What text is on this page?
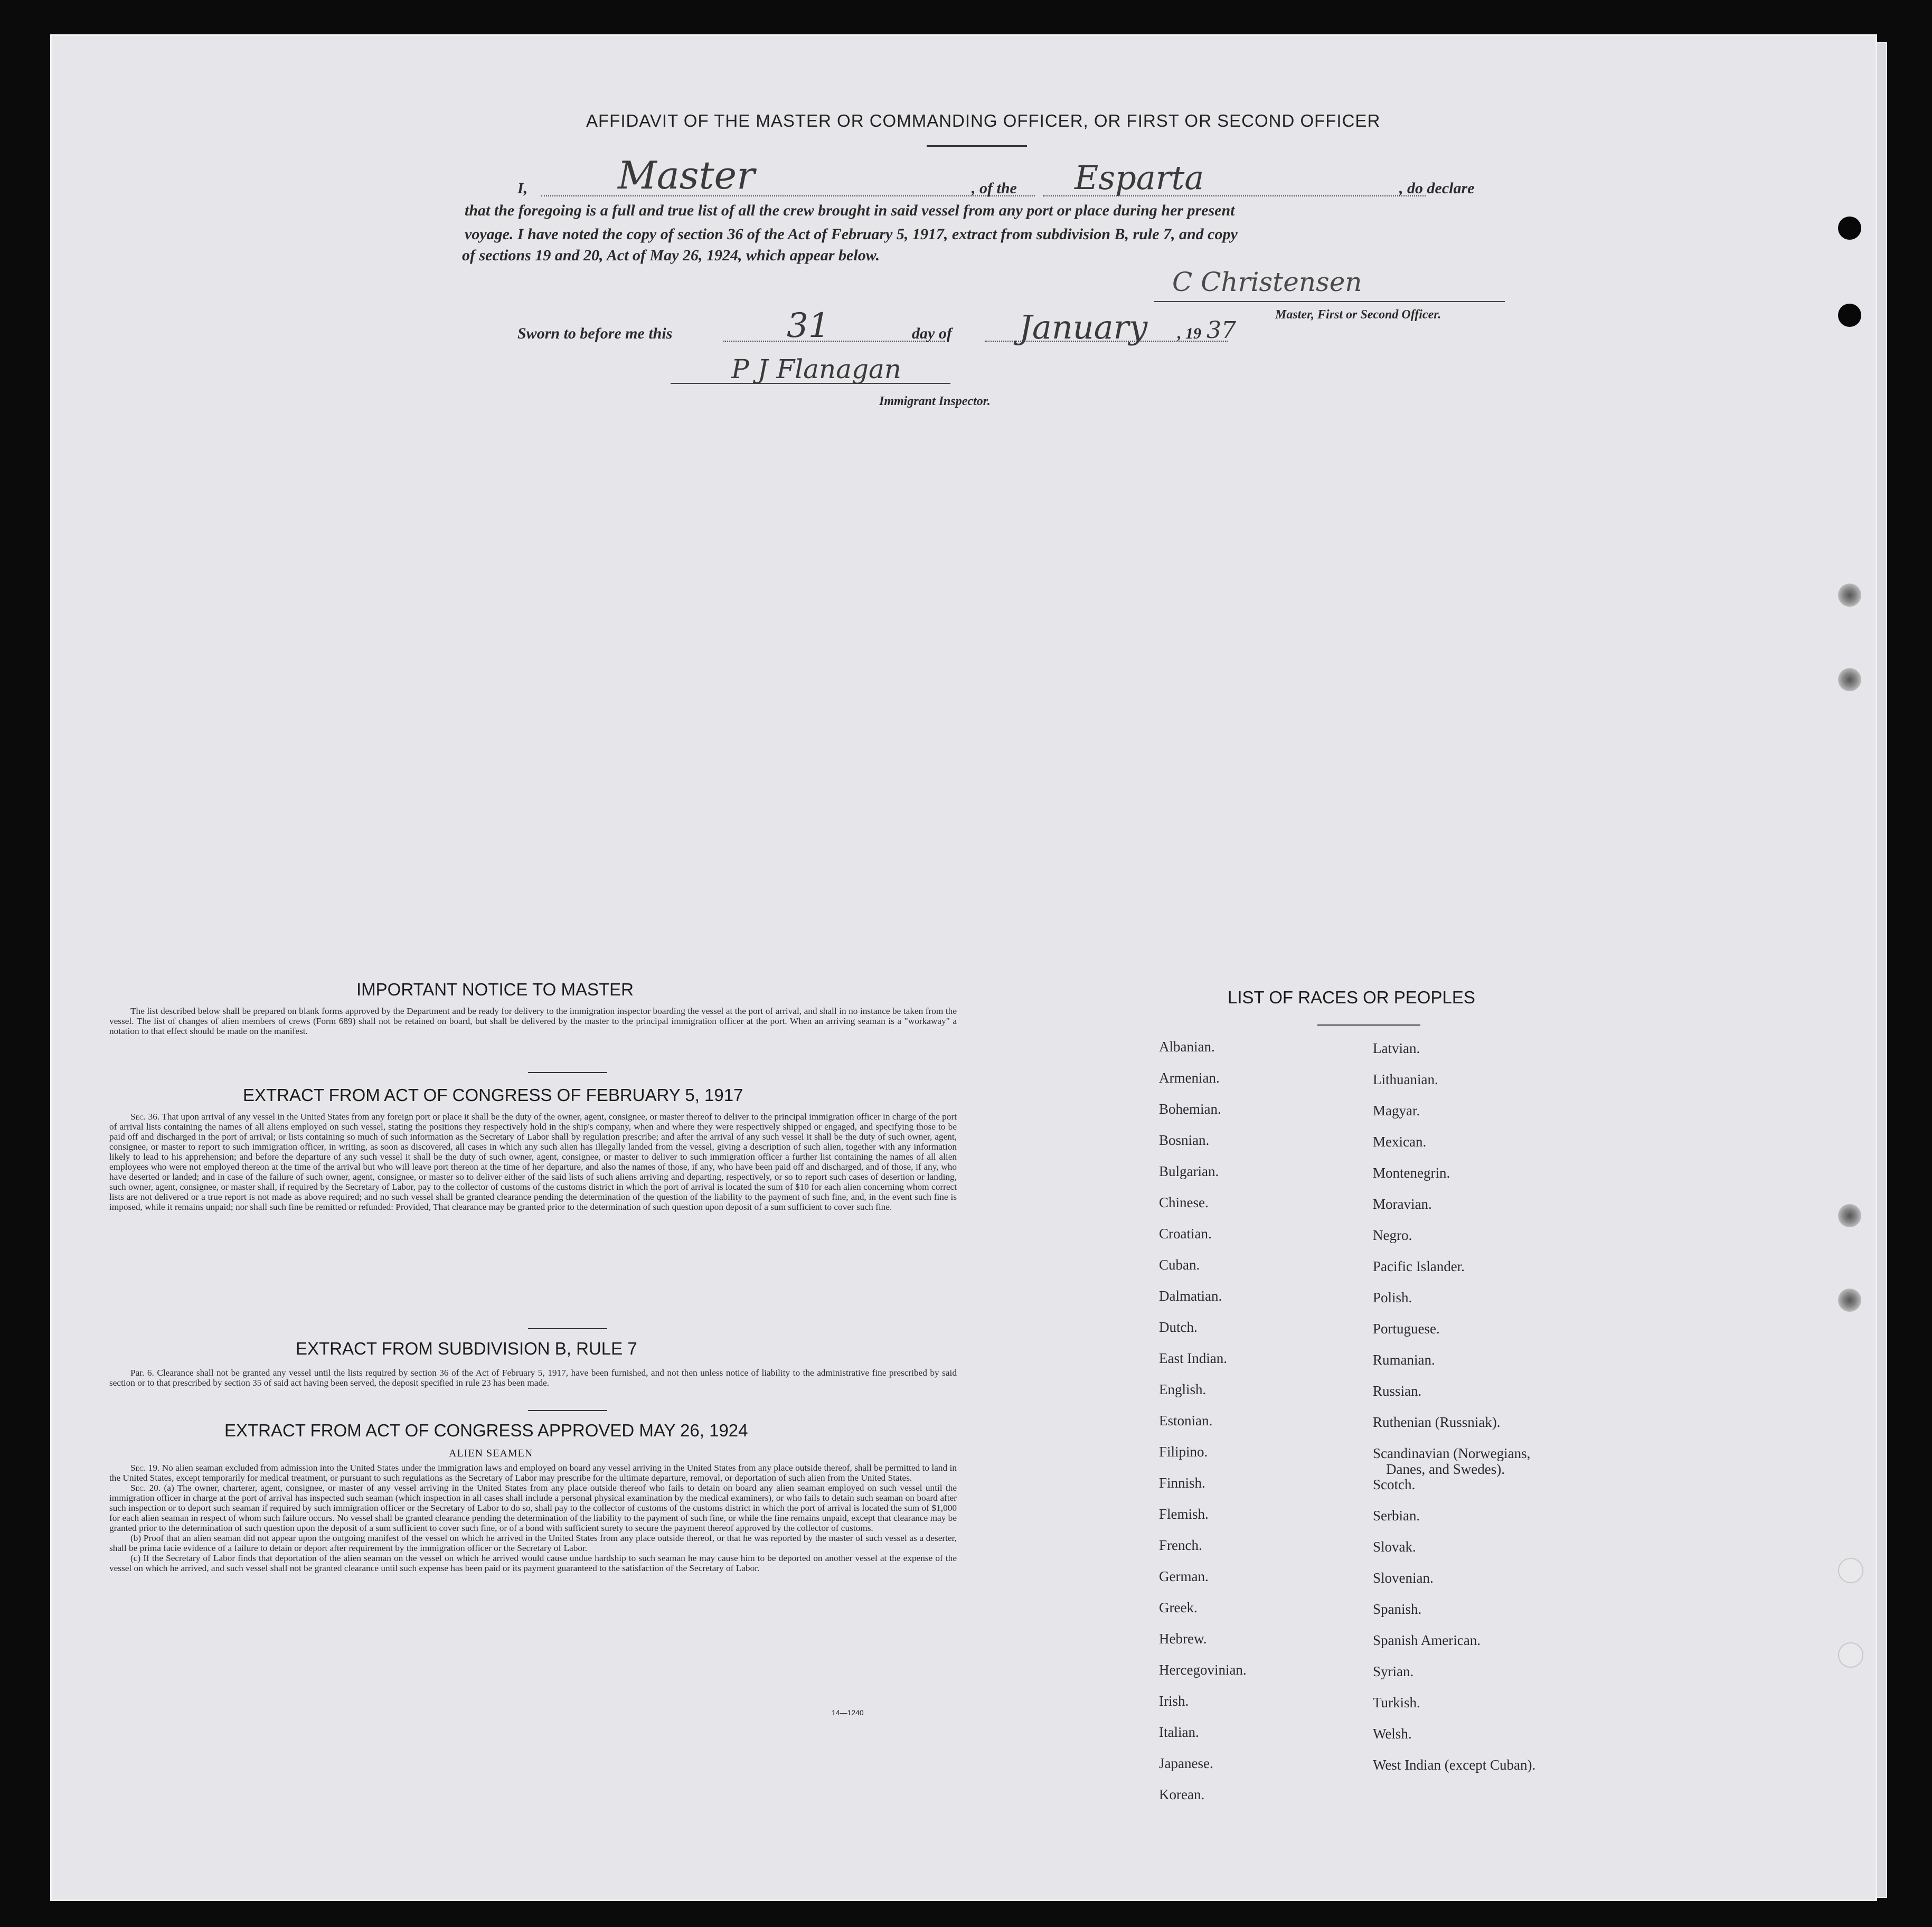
AFFIDAVIT OF THE MASTER OR COMMANDING OFFICER, OR FIRST OR SECOND OFFICER
I, Master	, of the Esparta	, do declare
that the foregoing is a full and true list of all the crew brought in said vessel from any port or place during her present
voyage. I have noted the copy of section 36 of the Act of February 5, 1917, extract from subdivision B, rule 7, and copy
of sections 19 and 20, Act of May 26, 1924, which appear below.
C Christensen
Master, First or Second Officer.
Sworn to before me this	31	day of January , 19 37
P J Flanagan
Immigrant Inspector.
IMPORTANT NOTICE TO MASTER
The list described below shall be prepared on blank forms approved by the Department and be ready for delivery to the immigration inspector boarding the vessel at the port of arrival, and shall in no instance be taken from the vessel. The list of changes of alien members of crews (Form 689) shall not be retained on board, but shall be delivered by the master to the principal immigration officer at the port. When an arriving seaman is a "workaway" a notation to that effect should be made on the manifest.
EXTRACT FROM ACT OF CONGRESS OF FEBRUARY 5, 1917
Sec. 36. That upon arrival of any vessel in the United States from any foreign port or place it shall be the duty of the owner, agent, consignee, or master thereof to deliver to the principal immigration officer in charge of the port of arrival lists containing the names of all aliens employed on such vessel, stating the positions they respectively hold in the ship's company, when and where they were respectively shipped or engaged, and specifying those to be paid off and discharged in the port of arrival; or lists containing so much of such information as the Secretary of Labor shall by regulation prescribe; and after the arrival of any such vessel it shall be the duty of such owner, agent, consignee, or master to report to such immigration officer, in writing, as soon as discovered, all cases in which any such alien has illegally landed from the vessel, giving a description of such alien, together with any information likely to lead to his apprehension; and before the departure of any such vessel it shall be the duty of such owner, agent, consignee, or master to deliver to such immigration officer a further list containing the names of all alien employees who were not employed thereon at the time of the arrival but who will leave port thereon at the time of her departure, and also the names of those, if any, who have been paid off and discharged, and of those, if any, who have deserted or landed; and in case of the failure of such owner, agent, consignee, or master so to deliver either of the said lists of such aliens arriving and departing, respectively, or so to report such cases of desertion or landing, such owner, agent, consignee, or master shall, if required by the Secretary of Labor, pay to the collector of customs of the customs district in which the port of arrival is located the sum of $10 for each alien concerning whom correct lists are not delivered or a true report is not made as above required; and no such vessel shall be granted clearance pending the determination of the question of the liability to the payment of such fine, and, in the event such fine is imposed, while it remains unpaid; nor shall such fine be remitted or refunded: Provided, That clearance may be granted prior to the determination of such question upon deposit of a sum sufficient to cover such fine.
EXTRACT FROM SUBDIVISION B, RULE 7
Par. 6. Clearance shall not be granted any vessel until the lists required by section 36 of the Act of February 5, 1917, have been furnished, and not then unless notice of liability to the administrative fine prescribed by said section or to that prescribed by section 35 of said act having been served, the deposit specified in rule 23 has been made.
EXTRACT FROM ACT OF CONGRESS APPROVED MAY 26, 1924
ALIEN SEAMEN
Sec. 19. No alien seaman excluded from admission into the United States under the immigration laws and employed on board any vessel arriving in the United States from any place outside thereof, shall be permitted to land in the United States, except temporarily for medical treatment, or pursuant to such regulations as the Secretary of Labor may prescribe for the ultimate departure, removal, or deportation of such alien from the United States.
Sec. 20. (a) The owner, charterer, agent, consignee, or master of any vessel arriving in the United States from any place outside thereof who fails to detain on board any alien seaman employed on such vessel until the immigration officer in charge at the port of arrival has inspected such seaman (which inspection in all cases shall include a personal physical examination by the medical examiners), or who fails to detain such seaman on board after such inspection or to deport such seaman if required by such immigration officer or the Secretary of Labor to do so, shall pay to the collector of customs of the customs district in which the port of arrival is located the sum of $1,000 for each alien seaman in respect of whom such failure occurs. No vessel shall be granted clearance pending the determination of the liability to the payment of such fine, or while the fine remains unpaid, except that clearance may be granted prior to the determination of such question upon the deposit of a sum sufficient to cover such fine, or of a bond with sufficient surety to secure the payment thereof approved by the collector of customs.
(b) Proof that an alien seaman did not appear upon the outgoing manifest of the vessel on which he arrived in the United States from any place outside thereof, or that he was reported by the master of such vessel as a deserter, shall be prima facie evidence of a failure to detain or deport after requirement by the immigration officer or the Secretary of Labor.
(c) If the Secretary of Labor finds that deportation of the alien seaman on the vessel on which he arrived would cause undue hardship to such seaman he may cause him to be deported on another vessel at the expense of the vessel on which he arrived, and such vessel shall not be granted clearance until such expense has been paid or its payment guaranteed to the satisfaction of the Secretary of Labor.
14—1240
LIST OF RACES OR PEOPLES
Albanian.
Armenian.
Bohemian.
Bosnian.
Bulgarian.
Chinese.
Croatian.
Cuban.
Dalmatian.
Dutch.
East Indian.
English.
Estonian.
Filipino.
Finnish.
Flemish.
French.
German.
Greek.
Hebrew.
Hercegovinian.
Irish.
Italian.
Japanese.
Korean.
Latvian.
Lithuanian.
Magyar.
Mexican.
Montenegrin.
Moravian.
Negro.
Pacific Islander.
Polish.
Portuguese.
Rumanian.
Russian.
Ruthenian (Russniak).
Scandinavian (Norwegians,
Danes, and Swedes).
Scotch.
Serbian.
Slovak.
Slovenian.
Spanish.
Spanish American.
Syrian.
Turkish.
Welsh.
West Indian (except Cuban).
